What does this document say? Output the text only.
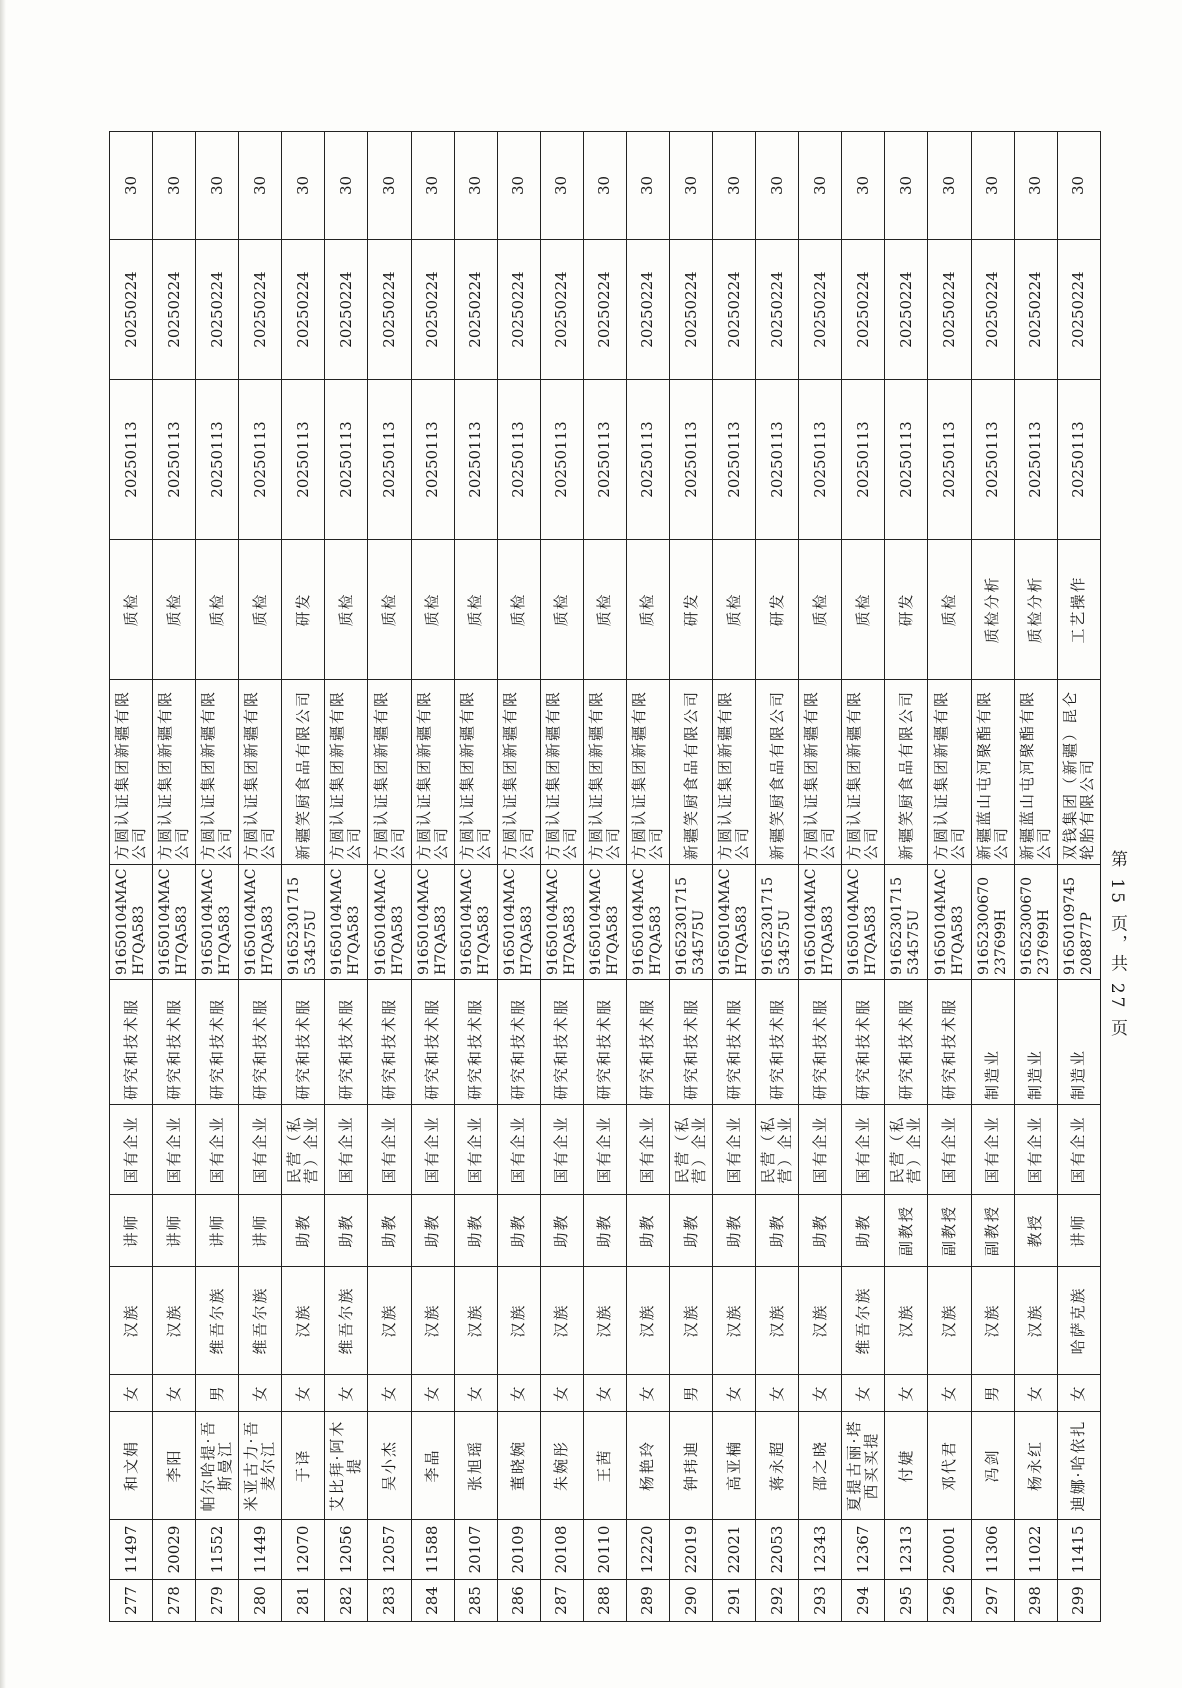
277	11497	和文娟	女	汉族	讲师	国有企业	研究和技术服	91650104MAC H7QA583	方圆认证集团新疆有限公司	质检	20250113	20250224	30
278	20029	李阳	女	汉族	讲师	国有企业	研究和技术服	91650104MAC H7QA583	方圆认证集团新疆有限公司	质检	20250113	20250224	30
279	11552	帕尔哈提·吾斯曼江	男	维吾尔族	讲师	国有企业	研究和技术服	91650104MAC H7QA583	方圆认证集团新疆有限公司	质检	20250113	20250224	30
280	11449	米亚古力·吾麦尔江	女	维吾尔族	讲师	国有企业	研究和技术服	91650104MAC H7QA583	方圆认证集团新疆有限公司	质检	20250113	20250224	30
281	12070	于译	女	汉族	助教	民营（私营）企业	研究和技术服	91652301715 534575U	新疆笑厨食品有限公司	研发	20250113	20250224	30
282	12056	艾比拜·阿木提	女	维吾尔族	助教	国有企业	研究和技术服	91650104MAC H7QA583	方圆认证集团新疆有限公司	质检	20250113	20250224	30
283	12057	吴小杰	女	汉族	助教	国有企业	研究和技术服	91650104MAC H7QA583	方圆认证集团新疆有限公司	质检	20250113	20250224	30
284	11588	李晶	女	汉族	助教	国有企业	研究和技术服	91650104MAC H7QA583	方圆认证集团新疆有限公司	质检	20250113	20250224	30
285	20107	张旭瑶	女	汉族	助教	国有企业	研究和技术服	91650104MAC H7QA583	方圆认证集团新疆有限公司	质检	20250113	20250224	30
286	20109	董晓婉	女	汉族	助教	国有企业	研究和技术服	91650104MAC H7QA583	方圆认证集团新疆有限公司	质检	20250113	20250224	30
287	20108	朱婉彤	女	汉族	助教	国有企业	研究和技术服	91650104MAC H7QA583	方圆认证集团新疆有限公司	质检	20250113	20250224	30
288	20110	王茜	女	汉族	助教	国有企业	研究和技术服	91650104MAC H7QA583	方圆认证集团新疆有限公司	质检	20250113	20250224	30
289	12220	杨艳玲	女	汉族	助教	国有企业	研究和技术服	91650104MAC H7QA583	方圆认证集团新疆有限公司	质检	20250113	20250224	30
290	22019	钟玮迪	男	汉族	助教	民营（私营）企业	研究和技术服	91652301715 534575U	新疆笑厨食品有限公司	研发	20250113	20250224	30
291	22021	高亚楠	女	汉族	助教	国有企业	研究和技术服	91650104MAC H7QA583	方圆认证集团新疆有限公司	质检	20250113	20250224	30
292	22053	蒋永超	女	汉族	助教	民营（私营）企业	研究和技术服	91652301715 534575U	新疆笑厨食品有限公司	研发	20250113	20250224	30
293	12343	邵之晓	女	汉族	助教	国有企业	研究和技术服	91650104MAC H7QA583	方圆认证集团新疆有限公司	质检	20250113	20250224	30
294	12367	夏提古丽·塔西买买提	女	维吾尔族	助教	国有企业	研究和技术服	91650104MAC H7QA583	方圆认证集团新疆有限公司	质检	20250113	20250224	30
295	12313	付婕	女	汉族	副教授	民营（私营）企业	研究和技术服	91652301715 534575U	新疆笑厨食品有限公司	研发	20250113	20250224	30
296	20001	邓代君	女	汉族	副教授	国有企业	研究和技术服	91650104MAC H7QA583	方圆认证集团新疆有限公司	质检	20250113	20250224	30
297	11306	冯剑	男	汉族	副教授	国有企业	制造业	91652300670 237699H	新疆蓝山屯河聚酯有限公司	质检分析	20250113	20250224	30
298	11022	杨永红	女	汉族	教授	国有企业	制造业	91652300670 237699H	新疆蓝山屯河聚酯有限公司	质检分析	20250113	20250224	30
299	11415	迪娜·哈依扎	女	哈萨克族	讲师	国有企业	制造业	91650109745 208877P	双钱集团（新疆）昆仑轮胎有限公司	工艺操作	20250113	20250224	30
第 15 页，共 27 页
